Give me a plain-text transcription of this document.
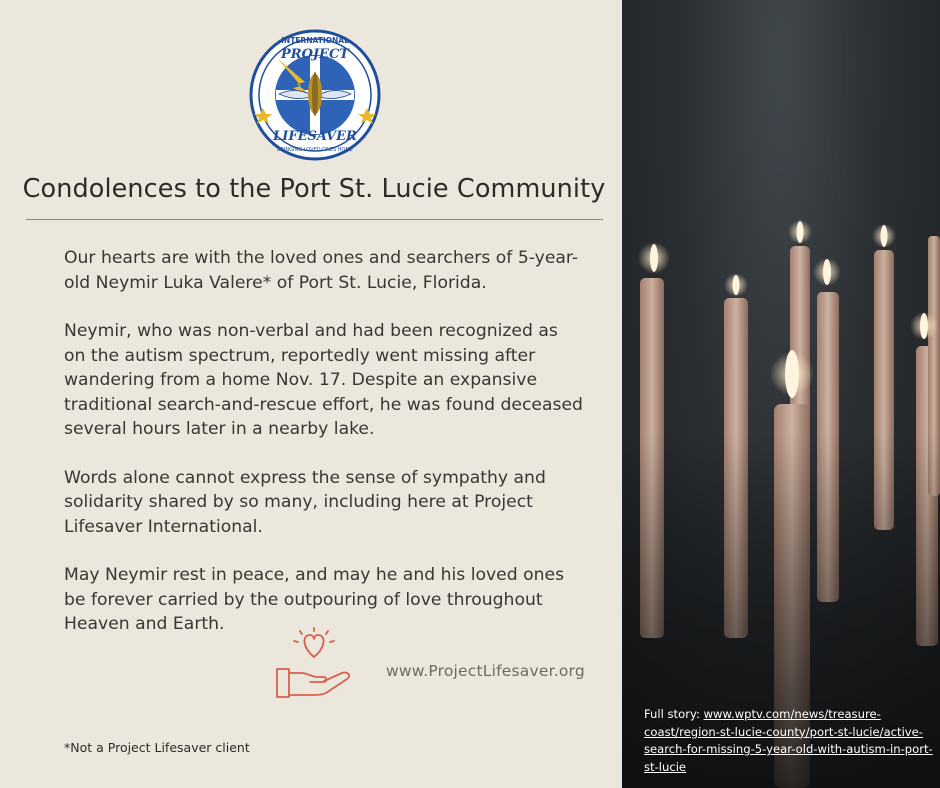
INTERNATIONAL
PROJECT
LIFESAVER
BRINGING LOVED ONES HOME
Condolences to the Port St. Lucie Community

Our hearts are with the loved ones and searchers of 5-year-old Neymir Luka Valere* of Port St. Lucie, Florida.

Neymir, who was non-verbal and had been recognized as on the autism spectrum, reportedly went missing after wandering from a home Nov. 17. Despite an expansive traditional search-and-rescue effort, he was found deceased several hours later in a nearby lake.

Words alone cannot express the sense of sympathy and solidarity shared by so many, including here at Project Lifesaver International.

May Neymir rest in peace, and may he and his loved ones be forever carried by the outpouring of love throughout Heaven and Earth.

www.ProjectLifesaver.org
*Not a Project Lifesaver client
Full story: www.wptv.com/news/treasure-coast/region-st-lucie-county/port-st-lucie/active-search-for-missing-5-year-old-with-autism-in-port-st-lucie
